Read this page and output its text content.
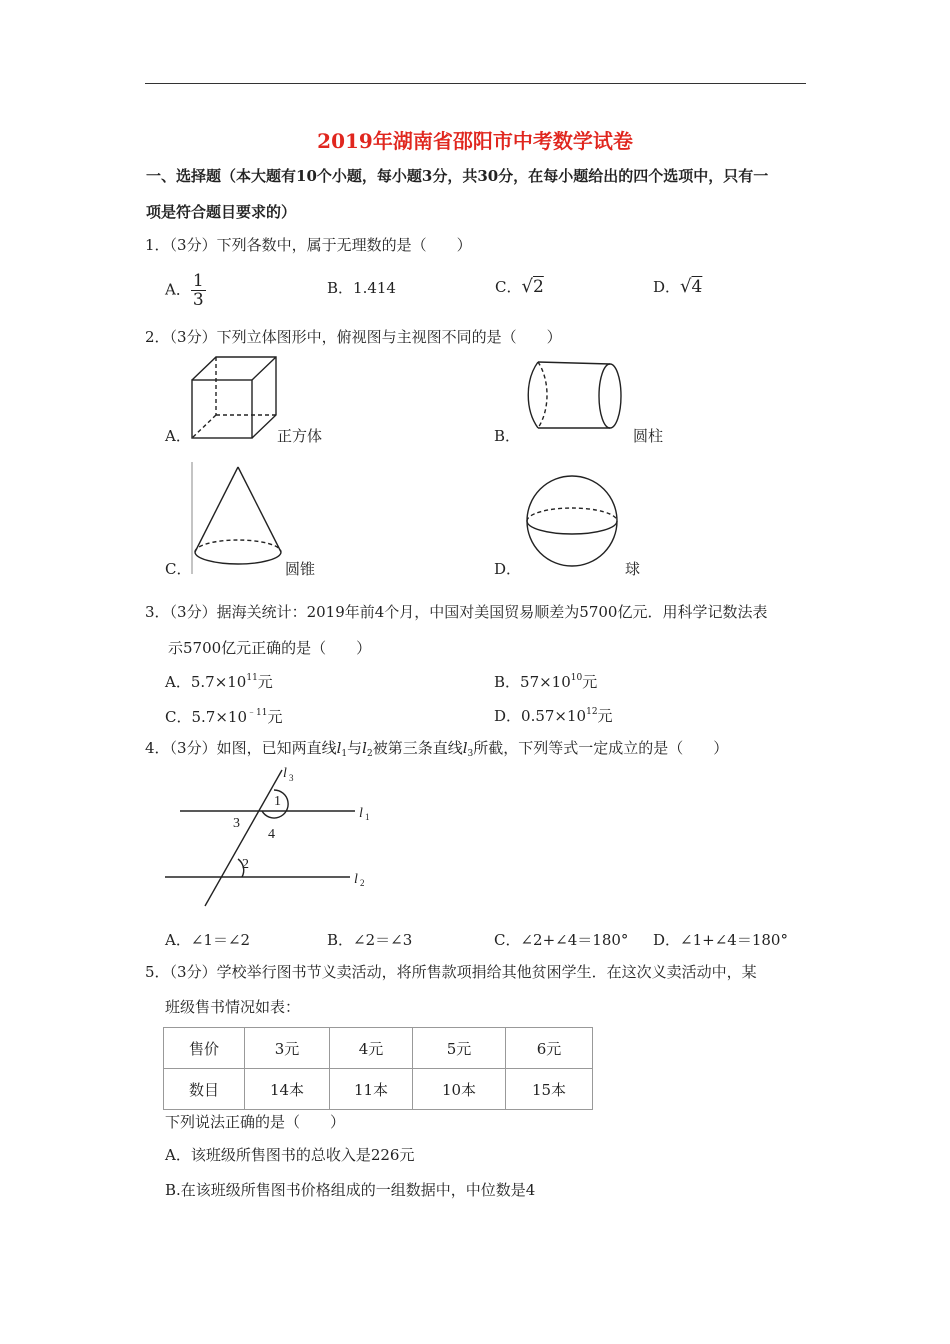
2019年湖南省邵阳市中考数学试卷
一、选择题（本大题有10个小题，每小题3分，共30分，在每小题给出的四个选项中，只有一
项是符合题目要求的）
1．（3分）下列各数中，属于无理数的是（　　）
A． $\frac{1}{3}$	B．1.414	C．√2	D．√4
2．（3分）下列立体图形中，俯视图与主视图不同的是（　　）
A．	正方体	B．	圆柱
C．	圆锥	D．	球
3．（3分）据海关统计：2019年前4个月，中国对美国贸易顺差为5700亿元．用科学记数法表
示5700亿元正确的是（　　）
A．$5.7\times 10^{11}$元	B．$57\times 10^{10}$元
C．$5.7\times 10^{﹣11}$元	D．$0.57\times 10^{12}$元
4．（3分）如图，已知两直线$l_1$与$l_2$被第三条直线$l_3$所截，下列等式一定成立的是（　　）
l 3
l 1
l 2
1
3
4
2
A．∠1＝∠2	B．∠2＝∠3	C．∠2+∠4＝180° D．∠1+∠4＝180°
5．（3分）学校举行图书节义卖活动，将所售款项捐给其他贫困学生．在这次义卖活动中，某
班级售书情况如表：
售价	3元	4元	5元	6元
数目	14本	11本	10本	15本
下列说法正确的是（　　）
A．该班级所售图书的总收入是226元
B.在该班级所售图书价格组成的一组数据中，中位数是4
